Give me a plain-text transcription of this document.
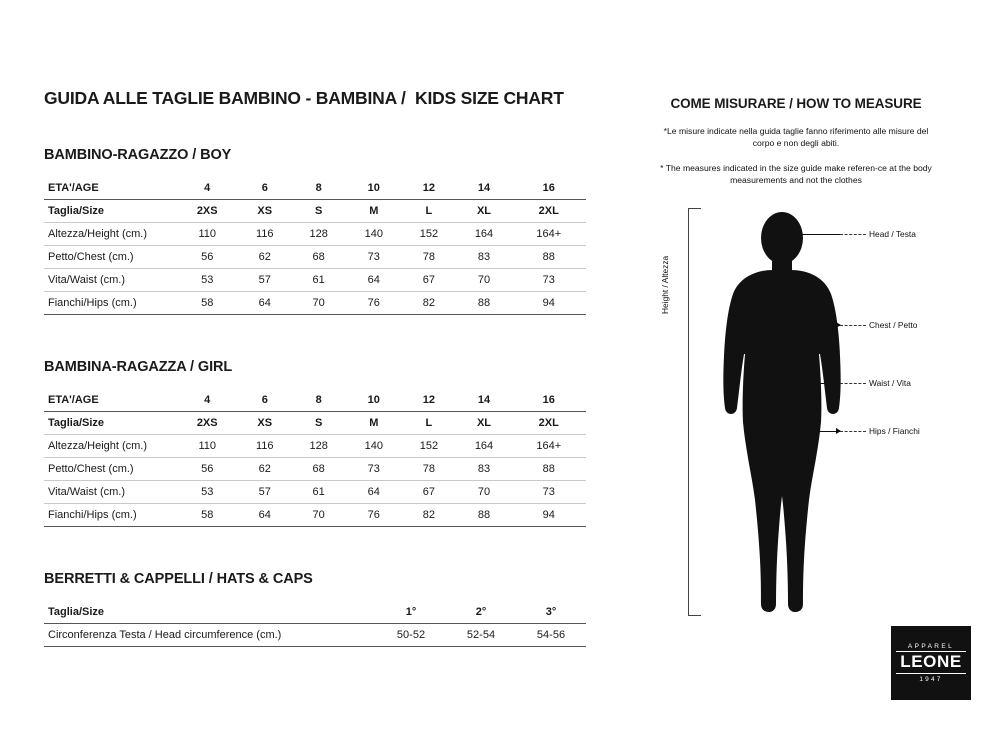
GUIDA ALLE TAGLIE BAMBINO - BAMBINA /  KIDS SIZE CHART
BAMBINO-RAGAZZO / BOY
ETA'/AGE	4	6	8	10	12	14	16
Taglia/Size	2XS	XS	S	M	L	XL	2XL
Altezza/Height (cm.)	110	116	128	140	152	164	164+
Petto/Chest (cm.)	56	62	68	73	78	83	88
Vita/Waist (cm.)	53	57	61	64	67	70	73
Fianchi/Hips (cm.)	58	64	70	76	82	88	94
BAMBINA-RAGAZZA / GIRL
ETA'/AGE	4	6	8	10	12	14	16
Taglia/Size	2XS	XS	S	M	L	XL	2XL
Altezza/Height (cm.)	110	116	128	140	152	164	164+
Petto/Chest (cm.)	56	62	68	73	78	83	88
Vita/Waist (cm.)	53	57	61	64	67	70	73
Fianchi/Hips (cm.)	58	64	70	76	82	88	94
BERRETTI & CAPPELLI / HATS & CAPS
Taglia/Size		1°	2°	3°
Circonferenza Testa / Head circumference (cm.)		50-52	52-54	54-56
COME MISURARE / HOW TO MEASURE

*Le misure indicate nella guida taglie fanno riferimento alle misure del corpo e non degli abiti.

* The measures indicated in the size guide make referen-ce at the body measurements and not the clothes

Height / Altezza
Head / Testa
Chest / Petto
Waist / Vita
Hips / Fianchi
APPAREL
LEONE
1947
